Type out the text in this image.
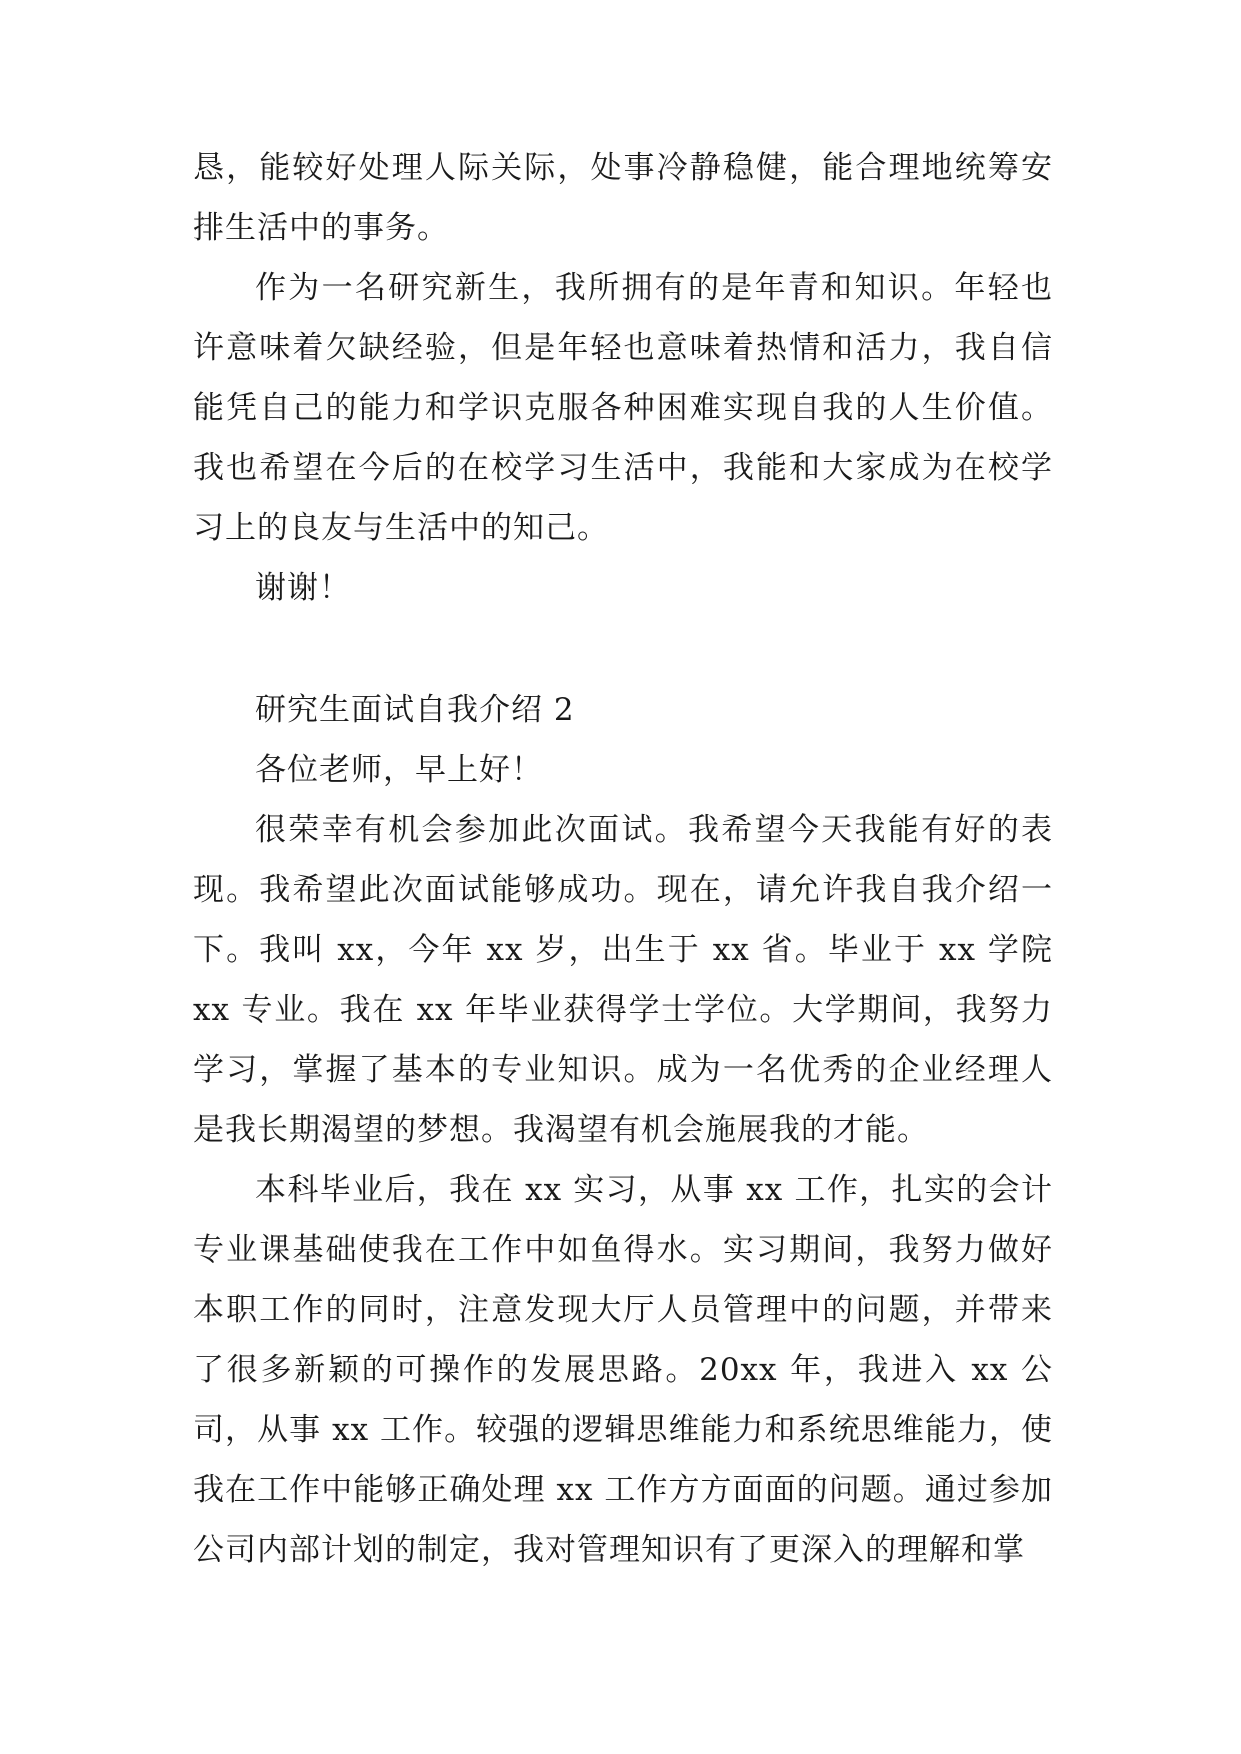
恳，能较好处理人际关际，处事冷静稳健，能合理地统筹安排生活中的事务。

作为一名研究新生，我所拥有的是年青和知识。年轻也许意味着欠缺经验，但是年轻也意味着热情和活力，我自信能凭自己的能力和学识克服各种困难实现自我的人生价值。我也希望在今后的在校学习生活中，我能和大家成为在校学习上的良友与生活中的知己。

谢谢！

研究生面试自我介绍 2

各位老师，早上好！

很荣幸有机会参加此次面试。我希望今天我能有好的表现。我希望此次面试能够成功。现在，请允许我自我介绍一下。我叫 xx，今年 xx 岁，出生于 xx 省。毕业于 xx 学院 xx 专业。我在 xx 年毕业获得学士学位。大学期间，我努力学习，掌握了基本的专业知识。成为一名优秀的企业经理人是我长期渴望的梦想。我渴望有机会施展我的才能。

本科毕业后，我在 xx 实习，从事 xx 工作，扎实的会计专业课基础使我在工作中如鱼得水。实习期间，我努力做好本职工作的同时，注意发现大厅人员管理中的问题，并带来了很多新颖的可操作的发展思路。20xx 年，我进入 xx 公司，从事 xx 工作。较强的逻辑思维能力和系统思维能力，使我在工作中能够正确处理 xx 工作方方面面的问题。通过参加公司内部计划的制定，我对管理知识有了更深入的理解和掌
